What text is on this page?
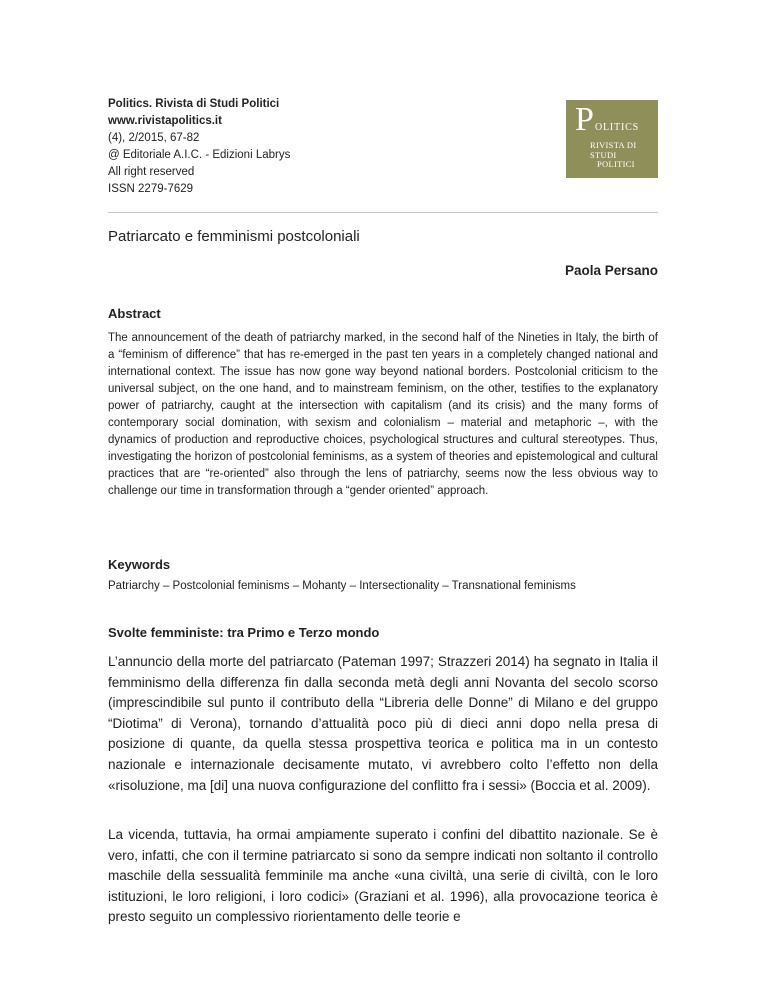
Politics. Rivista di Studi Politici
www.rivistapolitics.it
(4), 2/2015, 67-82
@ Editoriale A.I.C. - Edizioni Labrys
All right reserved
ISSN 2279-7629
P OLITICS
RIVISTA DI
STUDI
POLITICI
Patriarcato e femminismi postcoloniali
Paola Persano
Abstract

The announcement of the death of patriarchy marked, in the second half of the Nineties in Italy, the birth of a “feminism of difference” that has re-emerged in the past ten years in a completely changed national and international context. The issue has now gone way beyond national borders. Postcolonial criticism to the universal subject, on the one hand, and to mainstream feminism, on the other, testifies to the explanatory power of patriarchy, caught at the intersection with capitalism (and its crisis) and the many forms of contemporary social domination, with sexism and colonialism – material and metaphoric –, with the dynamics of production and reproductive choices, psychological structures and cultural stereotypes. Thus, investigating the horizon of postcolonial feminisms, as a system of theories and epistemological and cultural practices that are “re-oriented” also through the lens of patriarchy, seems now the less obvious way to challenge our time in transformation through a “gender oriented” approach.

Keywords
Patriarchy – Postcolonial feminisms – Mohanty – Intersectionality – Transnational feminisms
Svolte femministe: tra Primo e Terzo mondo

L’annuncio della morte del patriarcato (Pateman 1997; Strazzeri 2014) ha segnato in Italia il femminismo della differenza fin dalla seconda metà degli anni Novanta del secolo scorso (imprescindibile sul punto il contributo della “Libreria delle Donne” di Milano e del gruppo “Diotima” di Verona), tornando d’attualità poco più di dieci anni dopo nella presa di posizione di quante, da quella stessa prospettiva teorica e politica ma in un contesto nazionale e internazionale decisamente mutato, vi avrebbero colto l’effetto non della «risoluzione, ma [di] una nuova configurazione del conflitto fra i sessi» (Boccia et al. 2009).

La vicenda, tuttavia, ha ormai ampiamente superato i confini del dibattito nazionale. Se è vero, infatti, che con il termine patriarcato si sono da sempre indicati non soltanto il controllo maschile della sessualità femminile ma anche «una civiltà, una serie di civiltà, con le loro istituzioni, le loro religioni, i loro codici» (Graziani et al. 1996), alla provocazione teorica è presto seguito un complessivo riorientamento delle teorie e
